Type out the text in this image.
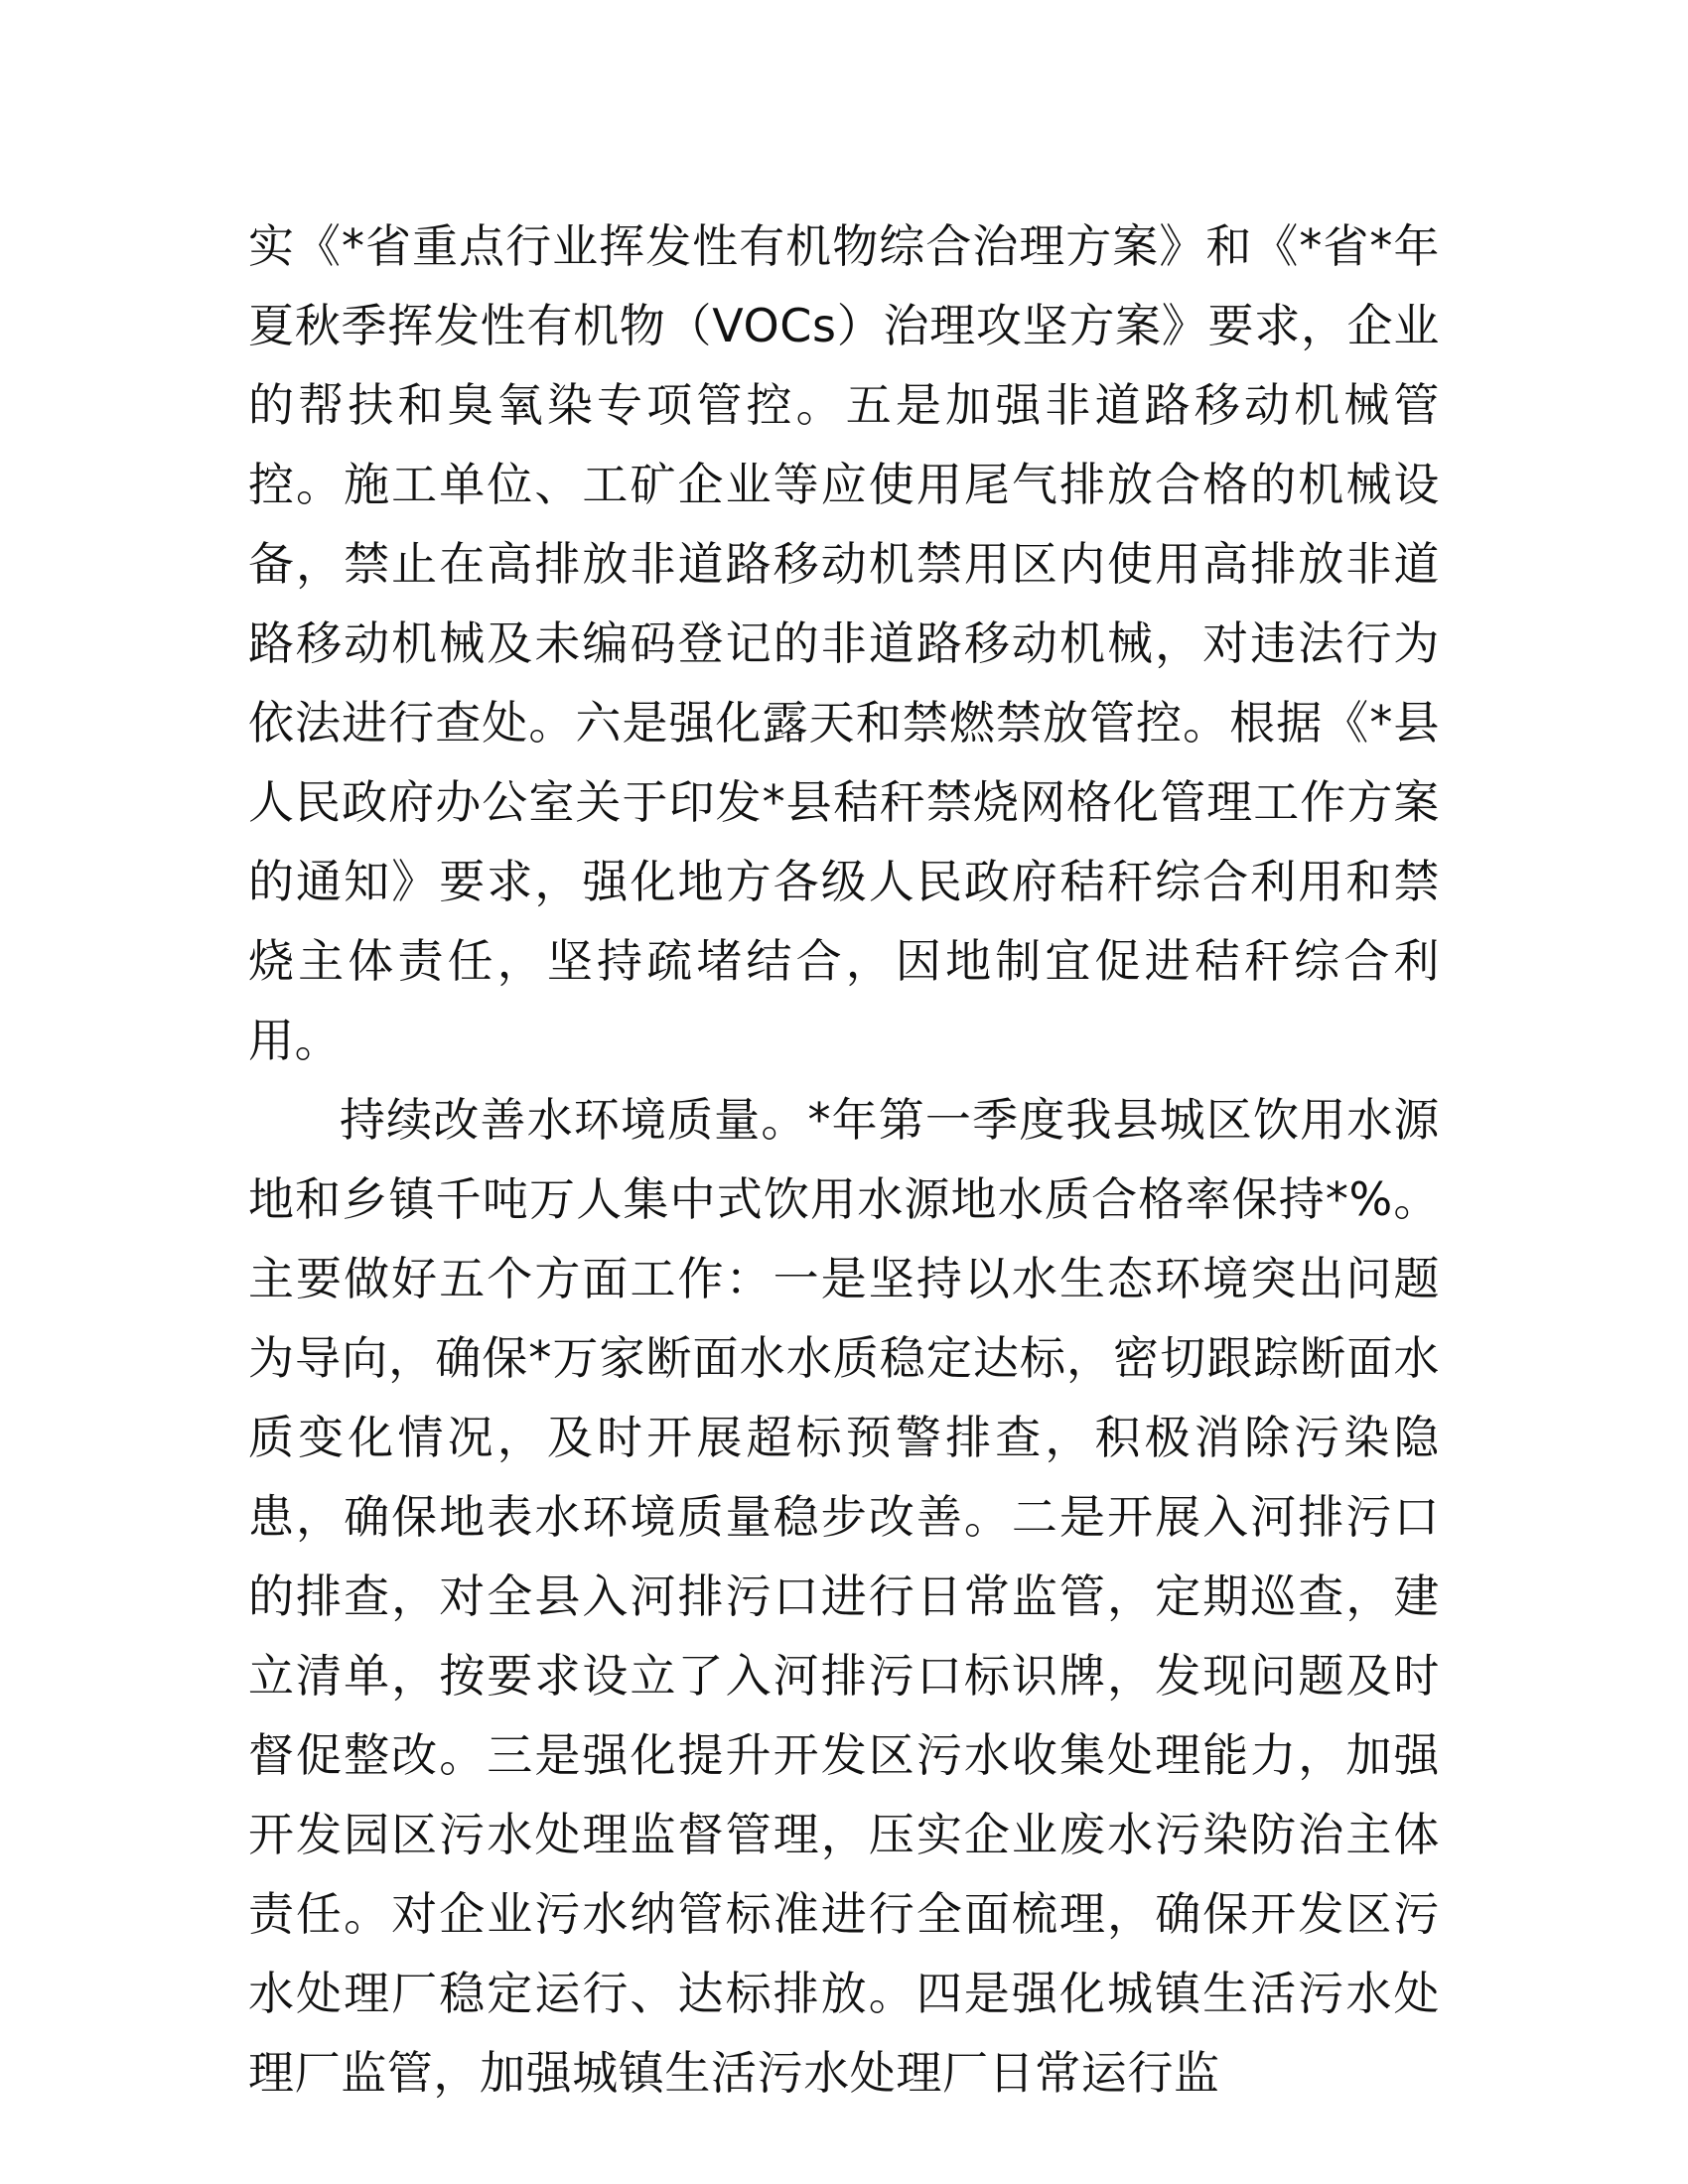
实《*省重点行业挥发性有机物综合治理方案》和《*省*年夏秋季挥发性有机物（VOCs）治理攻坚方案》要求，企业的帮扶和臭氧染专项管控。五是加强非道路移动机械管控。施工单位、工矿企业等应使用尾气排放合格的机械设备，禁止在高排放非道路移动机禁用区内使用高排放非道路移动机械及未编码登记的非道路移动机械，对违法行为依法进行查处。六是强化露天和禁燃禁放管控。根据《*县人民政府办公室关于印发*县秸秆禁烧网格化管理工作方案的通知》要求，强化地方各级人民政府秸秆综合利用和禁烧主体责任，坚持疏堵结合，因地制宜促进秸秆综合利用。

持续改善水环境质量。*年第一季度我县城区饮用水源地和乡镇千吨万人集中式饮用水源地水质合格率保持*%。主要做好五个方面工作：一是坚持以水生态环境突出问题为导向，确保*万家断面水水质稳定达标，密切跟踪断面水质变化情况，及时开展超标预警排查，积极消除污染隐患，确保地表水环境质量稳步改善。二是开展入河排污口的排查，对全县入河排污口进行日常监管，定期巡查，建立清单，按要求设立了入河排污口标识牌，发现问题及时督促整改。三是强化提升开发区污水收集处理能力，加强开发园区污水处理监督管理，压实企业废水污染防治主体责任。对企业污水纳管标准进行全面梳理，确保开发区污水处理厂稳定运行、达标排放。四是强化城镇生活污水处理厂监管，加强城镇生活污水处理厂日常运行监
